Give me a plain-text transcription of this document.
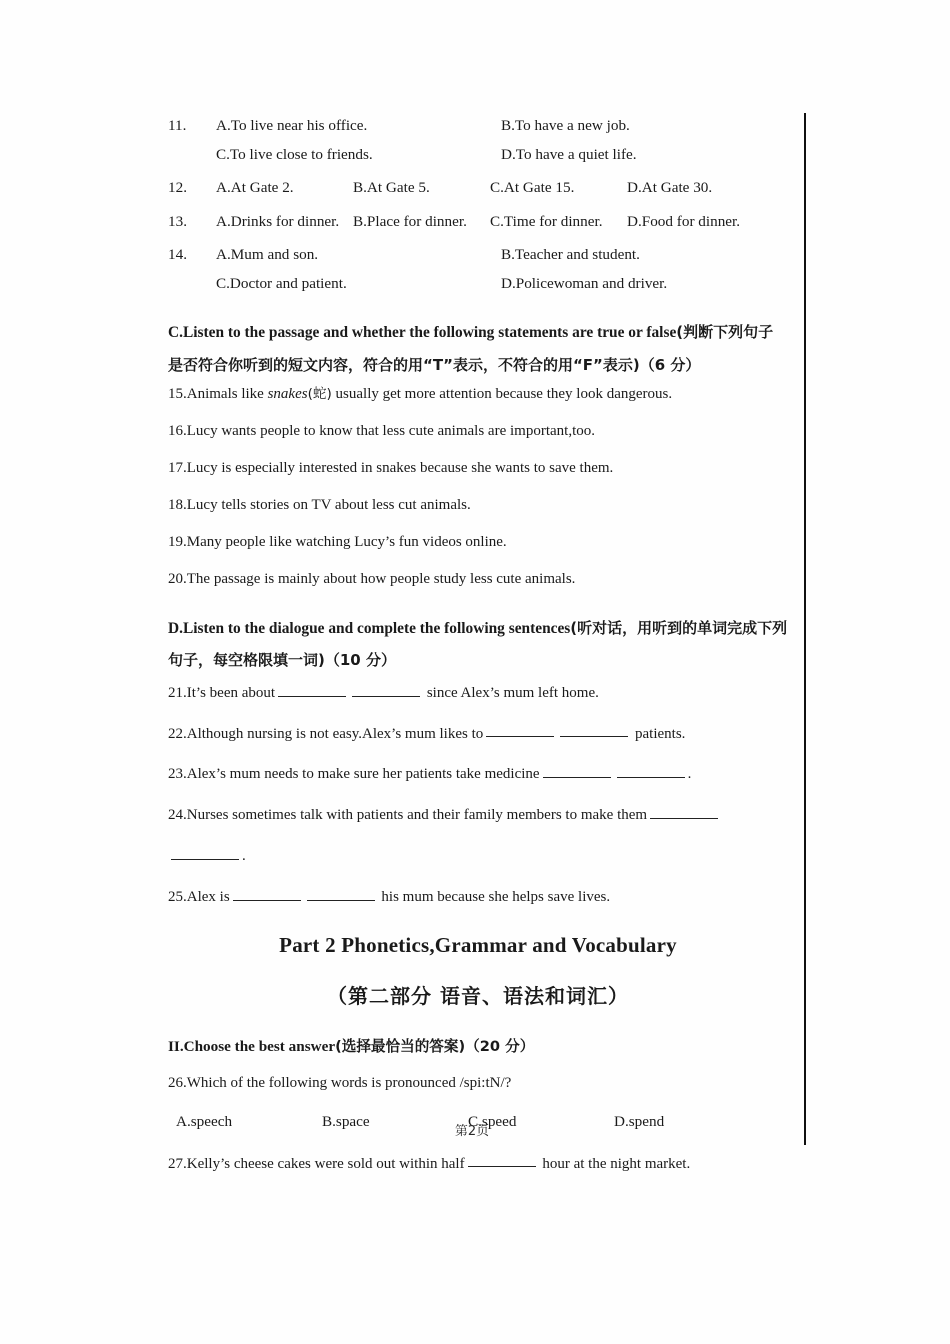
11.	A.To live near his office.	B.To have a new job.
C.To live close to friends.	D.To have a quiet life.
12.	A.At Gate 2.	B.At Gate 5.	C.At Gate 15.	D.At Gate 30.
13.	A.Drinks for dinner. B.Place for dinner.	C.Time for dinner.	D.Food for dinner.
14.	A.Mum and son.	B.Teacher and student.
C.Doctor and patient.	D.Policewoman and driver.
C.Listen to the passage and whether the following statements are true or false(判断下列句子是否符合你听到的短文内容，符合的用“T”表示，不符合的用“F”表示)（6 分）
15.Animals like snakes(蛇) usually get more attention because they look dangerous.
16.Lucy wants people to know that less cute animals are important,too.
17.Lucy is especially interested in snakes because she wants to save them.
18.Lucy tells stories on TV about less cut animals.
19.Many people like watching Lucy’s fun videos online.
20.The passage is mainly about how people study less cute animals.
D.Listen to the dialogue and complete the following sentences(听对话，用听到的单词完成下列句子，每空格限填一词)（10 分）
21.It’s been about	since Alex’s mum left home.
22.Although nursing is not easy.Alex’s mum likes to	patients.
23.Alex’s mum needs to make sure her patients take medicine	.
24.Nurses sometimes talk with patients and their family members to make them
.
25.Alex is	his mum because she helps save lives.
Part 2 Phonetics,Grammar and Vocabulary
（第二部分 语音、语法和词汇）
II.Choose the best answer(选择最恰当的答案)（20 分）
26.Which of the following words is pronounced /spi:tN/?
A.speech	B.space	C.speed	D.spend
27.Kelly’s cheese cakes were sold out within half	hour at the night market.
第2页
